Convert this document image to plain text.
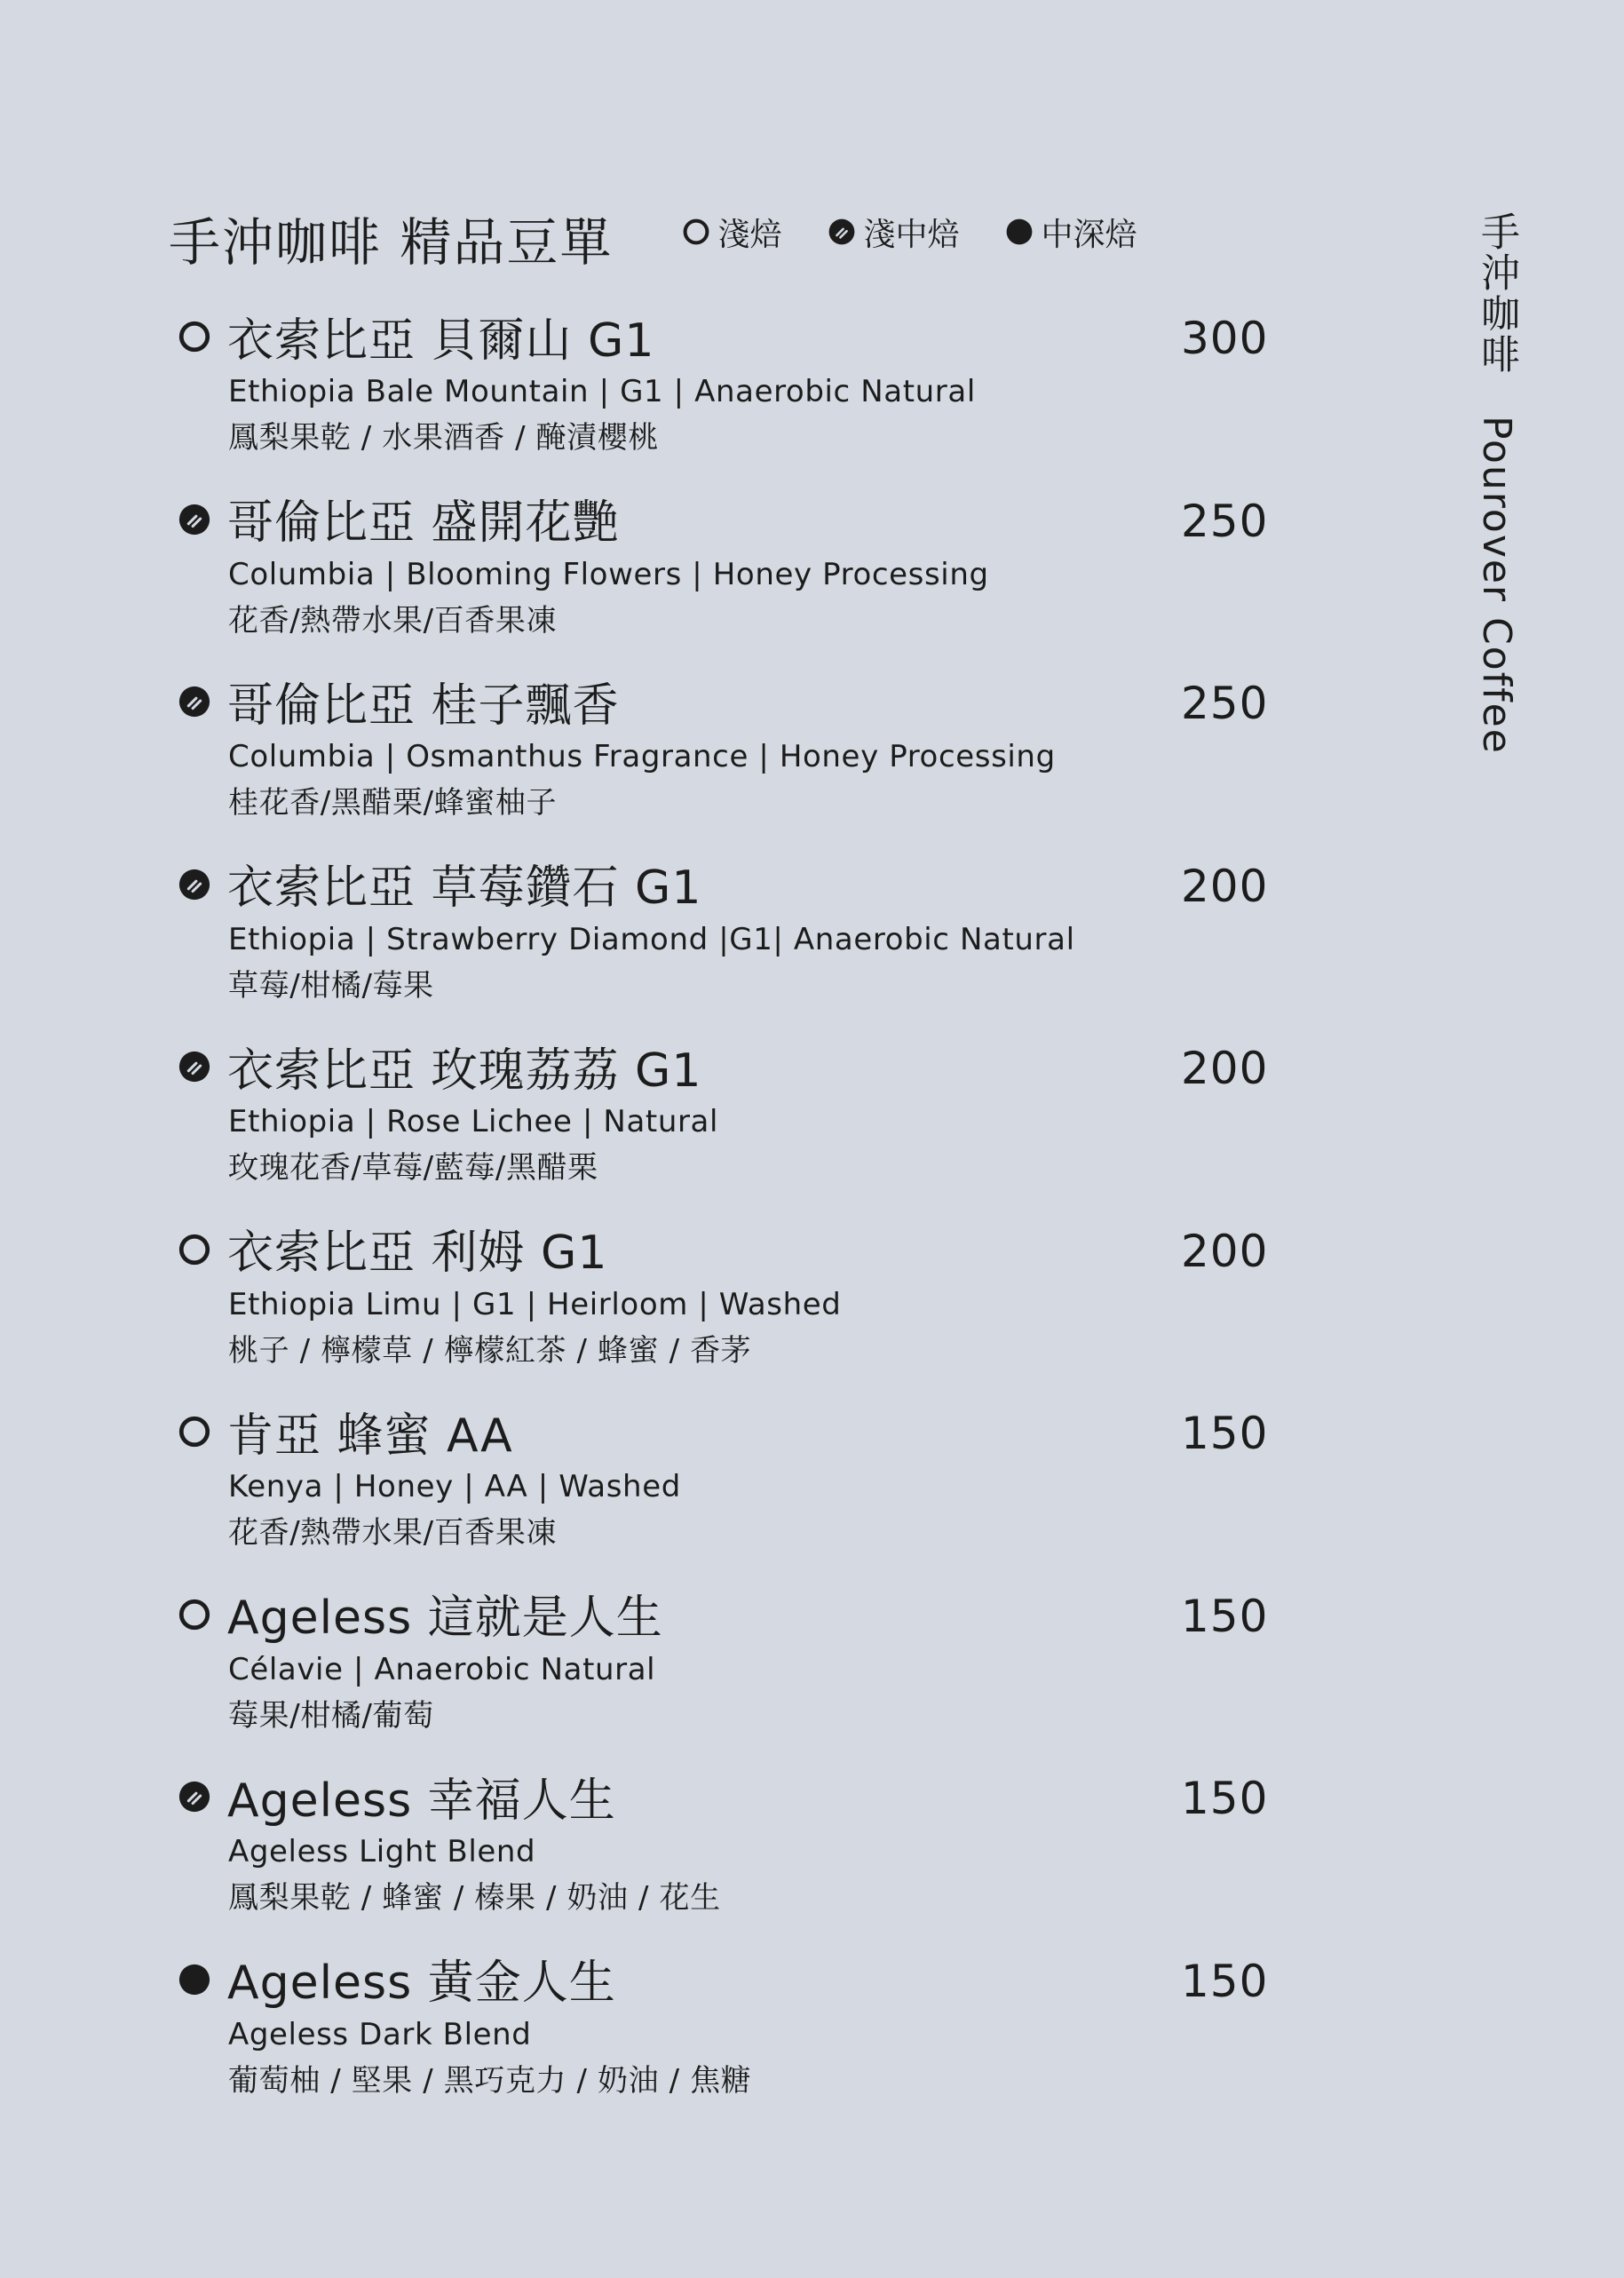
手沖咖啡 精品豆單	淺焙	淺中焙	中深焙
衣索比亞 貝爾山 G1	300
Ethiopia Bale Mountain | G1 | Anaerobic Natural
鳳梨果乾 / 水果酒香 / 醃漬櫻桃
哥倫比亞 盛開花艷	250
Columbia | Blooming Flowers | Honey Processing
花香/熱帶水果/百香果凍
哥倫比亞 桂子飄香	250
Columbia | Osmanthus Fragrance | Honey Processing
桂花香/黑醋栗/蜂蜜柚子
衣索比亞 草莓鑽石 G1	200
Ethiopia | Strawberry Diamond |G1| Anaerobic Natural
草莓/柑橘/莓果
衣索比亞 玫瑰荔荔 G1	200
Ethiopia | Rose Lichee | Natural
玫瑰花香/草莓/藍莓/黑醋栗
衣索比亞 利姆 G1	200
Ethiopia Limu | G1 | Heirloom | Washed
桃子 / 檸檬草 / 檸檬紅茶 / 蜂蜜 / 香茅
肯亞 蜂蜜 AA	150
Kenya | Honey | AA | Washed
花香/熱帶水果/百香果凍
Ageless 這就是人生	150
Célavie | Anaerobic Natural
莓果/柑橘/葡萄
Ageless 幸福人生	150
Ageless Light Blend
鳳梨果乾 / 蜂蜜 / 榛果 / 奶油 / 花生
Ageless 黃金人生	150
Ageless Dark Blend
葡萄柚 / 堅果 / 黑巧克力 / 奶油 / 焦糖
手沖咖啡　Pourover Coffee
